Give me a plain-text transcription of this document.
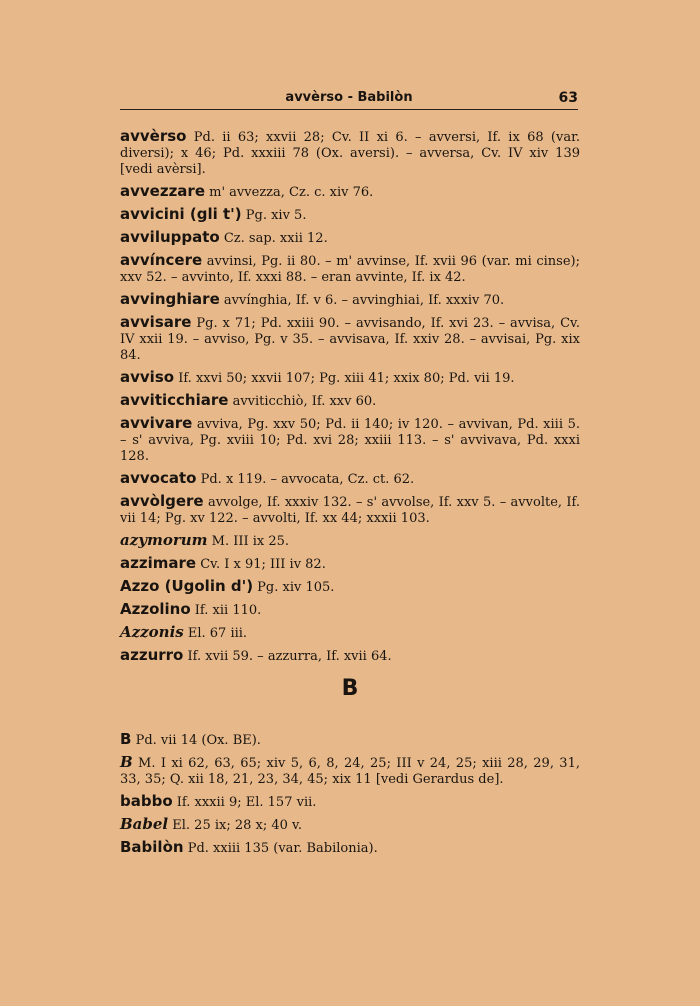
avvèrso - Babilòn	63

avvèrso Pd. ii 63; xxvii 28; Cv. II xi 6. – avversi, If. ix 68 (var. diversi); x 46; Pd. xxxiii 78 (Ox. aversi). – avversa, Cv. IV xiv 139 [vedi avèrsi].

avvezzare m' avvezza, Cz. c. xiv 76.

avvicini (gli t') Pg. xiv 5.

avviluppato Cz. sap. xxii 12.

avvíncere avvinsi, Pg. ii 80. – m' avvinse, If. xvii 96 (var. mi cinse); xxv 52. – avvinto, If. xxxi 88. – eran avvinte, If. ix 42.

avvinghiare avvínghia, If. v 6. – avvinghiai, If. xxxiv 70.

avvisare Pg. x 71; Pd. xxiii 90. – avvisando, If. xvi 23. – avvisa, Cv. IV xxii 19. – avviso, Pg. v 35. – avvisava, If. xxiv 28. – avvisai, Pg. xix 84.

avviso If. xxvi 50; xxvii 107; Pg. xiii 41; xxix 80; Pd. vii 19.

avviticchiare avviticchiò, If. xxv 60.

avvivare avviva, Pg. xxv 50; Pd. ii 140; iv 120. – avvivan, Pd. xiii 5. – s' avviva, Pg. xviii 10; Pd. xvi 28; xxiii 113. – s' avvivava, Pd. xxxi 128.

avvocato Pd. x 119. – avvocata, Cz. ct. 62.

avvòlgere avvolge, If. xxxiv 132. – s' avvolse, If. xxv 5. – avvolte, If. vii 14; Pg. xv 122. – avvolti, If. xx 44; xxxii 103.

azymorum M. III ix 25.

azzimare Cv. I x 91; III iv 82.

Azzo (Ugolin d') Pg. xiv 105.

Azzolino If. xii 110.

Azzonis El. 67 iii.

azzurro If. xvii 59. – azzurra, If. xvii 64.

B

B Pd. vii 14 (Ox. BE).

B M. I xi 62, 63, 65; xiv 5, 6, 8, 24, 25; III v 24, 25; xiii 28, 29, 31, 33, 35; Q. xii 18, 21, 23, 34, 45; xix 11 [vedi Gerardus de].

babbo If. xxxii 9; El. 157 vii.

Babel El. 25 ix; 28 x; 40 v.

Babilòn Pd. xxiii 135 (var. Babilonia).
